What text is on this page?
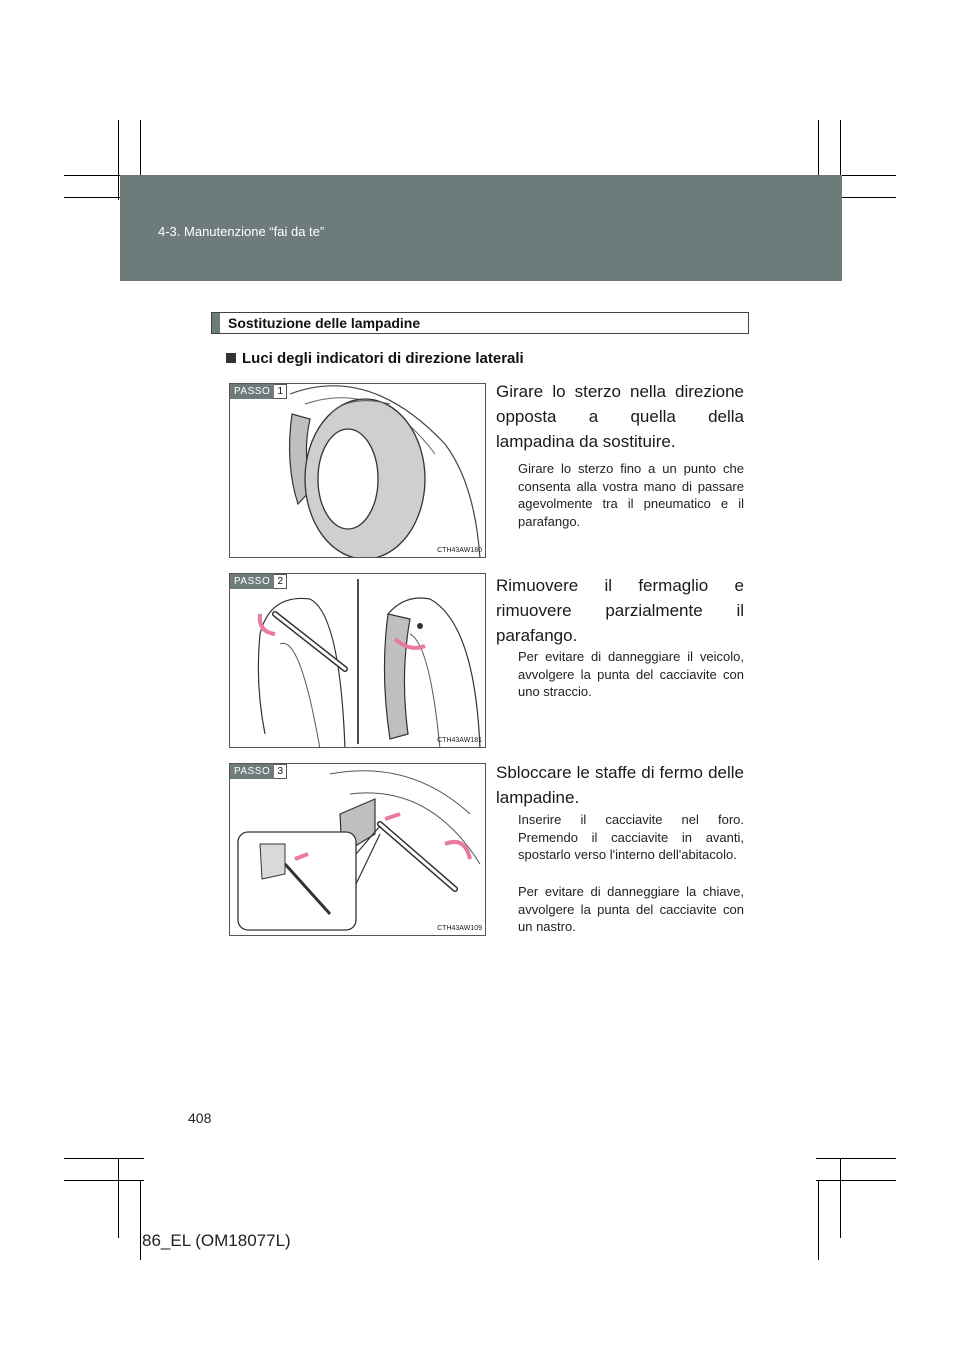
4-3. Manutenzione “fai da te”
Sostituzione delle lampadine
Luci degli indicatori di direzione laterali
PASSO 1
CTH43AW180
Girare lo sterzo nella direzione opposta a quella della lampadina da sostituire.
Girare lo sterzo fino a un punto che consenta alla vostra mano di passare agevolmente tra il pneumatico e il parafango.
PASSO 2
CTH43AW181
Rimuovere il fermaglio e rimuovere parzialmente il parafango.
Per evitare di danneggiare il veicolo, avvolgere la punta del cacciavite con uno straccio.
PASSO 3
CTH43AW109
Sbloccare le staffe di fermo delle lampadine.
Inserire il cacciavite nel foro. Premendo il cacciavite in avanti, spostarlo verso l'interno dell'abitacolo.
Per evitare di danneggiare la chiave, avvolgere la punta del cacciavite con un nastro.
408
86_EL (OM18077L)
